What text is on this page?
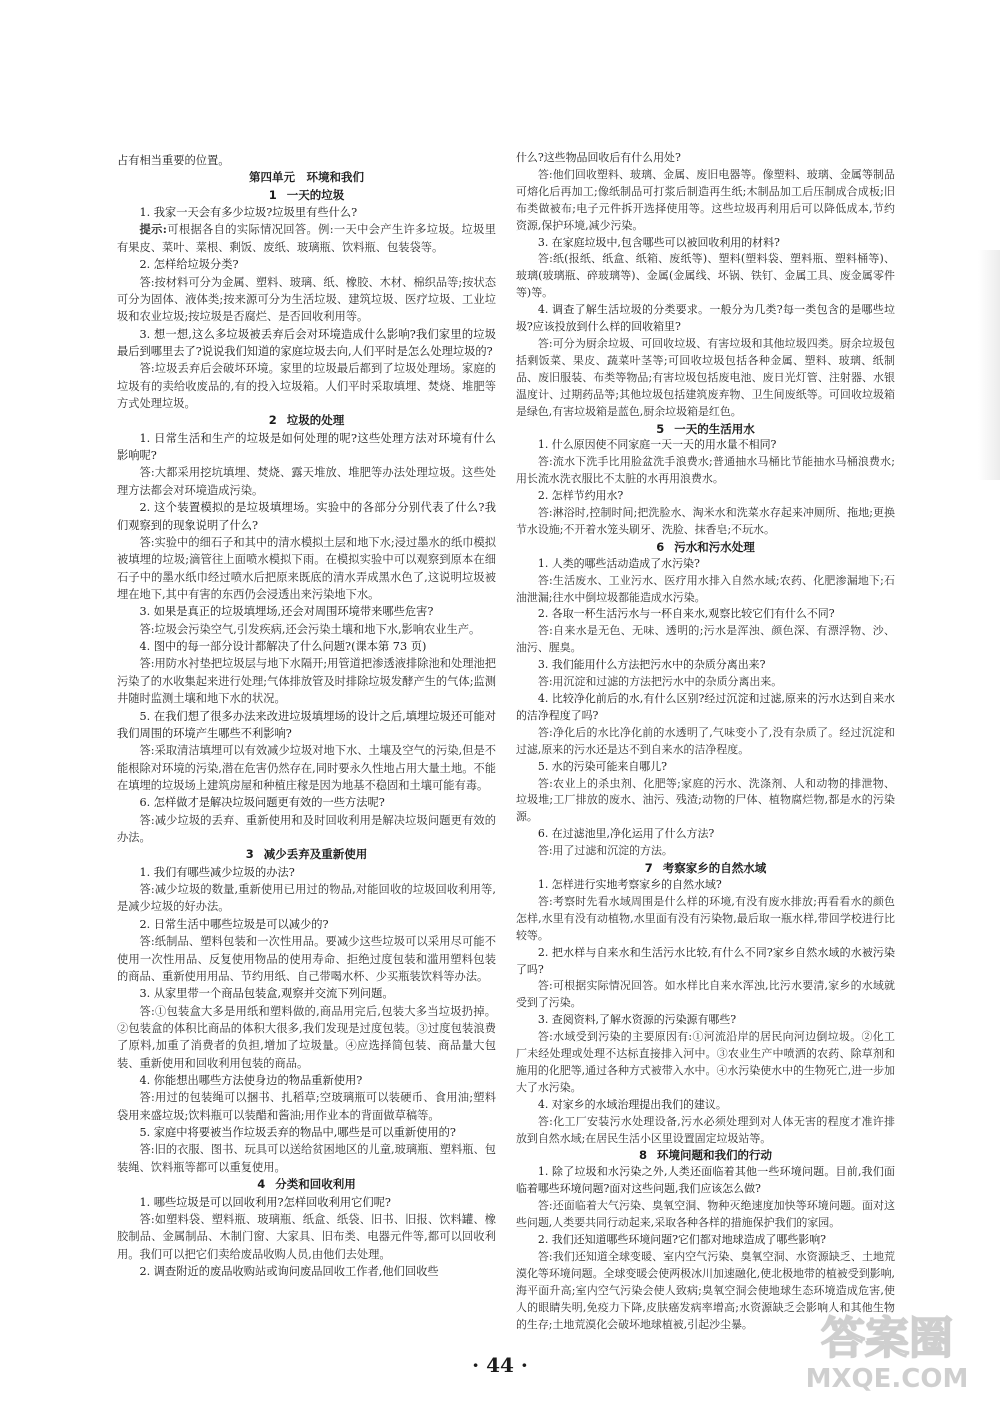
占有相当重要的位置。

第四单元　环境和我们

1 一天的垃圾

1. 我家一天会有多少垃圾?垃圾里有些什么?

提示:可根据各自的实际情况回答。例:一天中会产生许多垃圾。垃圾里有果皮、菜叶、菜根、剩饭、废纸、玻璃瓶、饮料瓶、包装袋等。

2. 怎样给垃圾分类?

答:按材料可分为金属、塑料、玻璃、纸、橡胶、木材、棉织品等;按状态可分为固体、液体类;按来源可分为生活垃圾、建筑垃圾、医疗垃圾、工业垃圾和农业垃圾;按垃圾是否腐烂、是否回收利用等。

3. 想一想,这么多垃圾被丢弃后会对环境造成什么影响?我们家里的垃圾最后到哪里去了?说说我们知道的家庭垃圾去向,人们平时是怎么处理垃圾的?

答:垃圾丢弃后会破坏环境。家里的垃圾最后都到了垃圾处理场。家庭的垃圾有的卖给收废品的,有的投入垃圾箱。人们平时采取填埋、焚烧、堆肥等方式处理垃圾。

2 垃圾的处理

1. 日常生活和生产的垃圾是如何处理的呢?这些处理方法对环境有什么影响呢?

答:大都采用挖坑填埋、焚烧、露天堆放、堆肥等办法处理垃圾。这些处理方法都会对环境造成污染。

2. 这个装置模拟的是垃圾填埋场。实验中的各部分分别代表了什么?我们观察到的现象说明了什么?

答:实验中的细石子和其中的清水模拟土层和地下水;浸过墨水的纸巾模拟被填埋的垃圾;滴管往上面喷水模拟下雨。在模拟实验中可以观察到原本在细石子中的墨水纸巾经过喷水后把原来既底的清水弄成黑水色了,这说明垃圾被埋在地下,其中有害的东西仍会浸透出来污染地下水。

3. 如果是真正的垃圾填埋场,还会对周围环境带来哪些危害?

答:垃圾会污染空气,引发疾病,还会污染土壤和地下水,影响农业生产。

4. 图中的每一部分设计都解决了什么问题?(课本第 73 页)

答:用防水衬垫把垃圾层与地下水隔开;用管道把渗透液排除池和处理池把污染了的水收集起来进行处理;气体排放管及时排除垃圾发酵产生的气体;监测井随时监测土壤和地下水的状况。

5. 在我们想了很多办法来改进垃圾填埋场的设计之后,填埋垃圾还可能对我们周围的环境产生哪些不利影响?

答:采取清洁填埋可以有效减少垃圾对地下水、土壤及空气的污染,但是不能根除对环境的污染,潜在危害仍然存在,同时要永久性地占用大量土地。不能在填埋的垃圾场上建筑房屋和种植庄稼是因为地基不稳固和土壤可能有毒。

6. 怎样做才是解决垃圾问题更有效的一些方法呢?

答:减少垃圾的丢弃、重新使用和及时回收利用是解决垃圾问题更有效的办法。

3 减少丢弃及重新使用

1. 我们有哪些减少垃圾的办法?

答:减少垃圾的数量,重新使用已用过的物品,对能回收的垃圾回收利用等,是减少垃圾的好办法。

2. 日常生活中哪些垃圾是可以减少的?

答:纸制品、塑料包装和一次性用品。要减少这些垃圾可以采用尽可能不使用一次性用品、反复使用物品的使用寿命、拒绝过度包装和滥用塑料包装的商品、重新使用用品、节约用纸、自己带喝水杯、少买瓶装饮料等办法。

3. 从家里带一个商品包装盒,观察并交流下列问题。

答:①包装盒大多是用纸和塑料做的,商品用完后,包装大多当垃圾扔掉。②包装盒的体积比商品的体积大很多,我们发现是过度包装。③过度包装浪费了原料,加重了消费者的负担,增加了垃圾量。④应选择简包装、商品量大包装、重新使用和回收利用包装的商品。

4. 你能想出哪些方法使身边的物品重新使用?

答:用过的包装绳可以捆书、扎稻草;空玻璃瓶可以装硬币、食用油;塑料袋用来盛垃圾;饮料瓶可以装醋和酱油;用作业本的背面做草稿等。

5. 家庭中将要被当作垃圾丢弃的物品中,哪些是可以重新使用的?

答:旧的衣服、图书、玩具可以送给贫困地区的儿童,玻璃瓶、塑料瓶、包装绳、饮料瓶等都可以重复使用。

4 分类和回收利用

1. 哪些垃圾是可以回收利用?怎样回收利用它们呢?

答:如塑料袋、塑料瓶、玻璃瓶、纸盒、纸袋、旧书、旧报、饮料罐、橡胶制品、金属制品、木制门窗、大家具、旧布类、电器元件等,都可以回收利用。我们可以把它们卖给废品收购人员,由他们去处理。

2. 调查附近的废品收购站或询问废品回收工作者,他们回收些

什么?这些物品回收后有什么用处?

答:他们回收塑料、玻璃、金属、废旧电器等。像塑料、玻璃、金属等制品可熔化后再加工;像纸制品可打浆后制造再生纸;木制品加工后压制成合成板;旧布类做被布;电子元件拆开选择使用等。这些垃圾再利用后可以降低成本,节约资源,保护环境,减少污染。

3. 在家庭垃圾中,包含哪些可以被回收利用的材料?

答:纸(报纸、纸盒、纸箱、废纸等)、塑料(塑料袋、塑料瓶、塑料桶等)、玻璃(玻璃瓶、碎玻璃等)、金属(金属线、坏锅、铁钉、金属工具、废金属零件等)等。

4. 调查了解生活垃圾的分类要求。一般分为几类?每一类包含的是哪些垃圾?应该投放到什么样的回收箱里?

答:可分为厨余垃圾、可回收垃圾、有害垃圾和其他垃圾四类。厨余垃圾包括剩饭菜、果皮、蔬菜叶茎等;可回收垃圾包括各种金属、塑料、玻璃、纸制品、废旧服装、布类等物品;有害垃圾包括废电池、废日光灯管、注射器、水银温度计、过期药品等;其他垃圾包括建筑废弃物、卫生间废纸等。可回收垃圾箱是绿色,有害垃圾箱是蓝色,厨余垃圾箱是红色。

5 一天的生活用水

1. 什么原因使不同家庭一天一天的用水量不相同?

答:流水下洗手比用脸盆洗手浪费水;普通抽水马桶比节能抽水马桶浪费水;用长流水洗衣服比不太脏的水再用浪费水。

2. 怎样节约用水?

答:淋浴时,控制时间;把洗脸水、淘米水和洗菜水存起来冲厕所、拖地;更换节水设施;不开着水笼头刷牙、洗脸、抹香皂;不玩水。

6 污水和污水处理

1. 人类的哪些活动造成了水污染?

答:生活废水、工业污水、医疗用水排入自然水域;农药、化肥渗漏地下;石油泄漏;往水中倒垃圾都能造成水污染。

2. 各取一杯生活污水与一杯自来水,观察比较它们有什么不同?

答:自来水是无色、无味、透明的;污水是浑浊、颜色深、有漂浮物、沙、油污、腥臭。

3. 我们能用什么方法把污水中的杂质分离出来?

答:用沉淀和过滤的方法把污水中的杂质分离出来。

4. 比较净化前后的水,有什么区别?经过沉淀和过滤,原来的污水达到自来水的洁净程度了吗?

答:净化后的水比净化前的水透明了,气味变小了,没有杂质了。经过沉淀和过滤,原来的污水还是达不到自来水的洁净程度。

5. 水的污染可能来自哪儿?

答:农业上的杀虫剂、化肥等;家庭的污水、洗涤剂、人和动物的排泄物、垃圾堆;工厂排放的废水、油污、残渣;动物的尸体、植物腐烂物,都是水的污染源。

6. 在过滤池里,净化运用了什么方法?

答:用了过滤和沉淀的方法。

7 考察家乡的自然水域

1. 怎样进行实地考察家乡的自然水域?

答:考察时先看水域周围是什么样的环境,有没有废水排放;再看看水的颜色怎样,水里有没有动植物,水里面有没有污染物,最后取一瓶水样,带回学校进行比较等。

2. 把水样与自来水和生活污水比较,有什么不同?家乡自然水域的水被污染了吗?

答:可根据实际情况回答。如水样比自来水浑浊,比污水要清,家乡的水域就受到了污染。

3. 查阅资料,了解水资源的污染源有哪些?

答:水域受到污染的主要原因有:①河流沿岸的居民向河边倒垃圾。②化工厂未经处理或处理不达标直接排入河中。③农业生产中喷洒的农药、除草剂和施用的化肥等,通过各种方式被带入水中。④水污染使水中的生物死亡,进一步加大了水污染。

4. 对家乡的水域治理提出我们的建议。

答:化工厂安装污水处理设备,污水必须处理到对人体无害的程度才准许排放到自然水域;在居民生活小区里设置固定垃圾站等。

8 环境问题和我们的行动

1. 除了垃圾和水污染之外,人类还面临着其他一些环境问题。目前,我们面临着哪些环境问题?面对这些问题,我们应该怎么做?

答:还面临着大气污染、臭氧空洞、物种灭绝速度加快等环境问题。面对这些问题,人类要共同行动起来,采取各种各样的措施保护我们的家园。

2. 我们还知道哪些环境问题?它们都对地球造成了哪些影响?

答:我们还知道全球变暖、室内空气污染、臭氧空洞、水资源缺乏、土地荒漠化等环境问题。全球变暖会使两极冰川加速融化,使北极地带的植被受到影响,海平面升高;室内空气污染会使人致病;臭氧空洞会使地球生态环境造成危害,使人的眼睛失明,免疫力下降,皮肤癌发病率增高;水资源缺乏会影响人和其他生物的生存;土地荒漠化会破坏地球植被,引起沙尘暴。

· 44 ·
答案圈
MXQE.COM
